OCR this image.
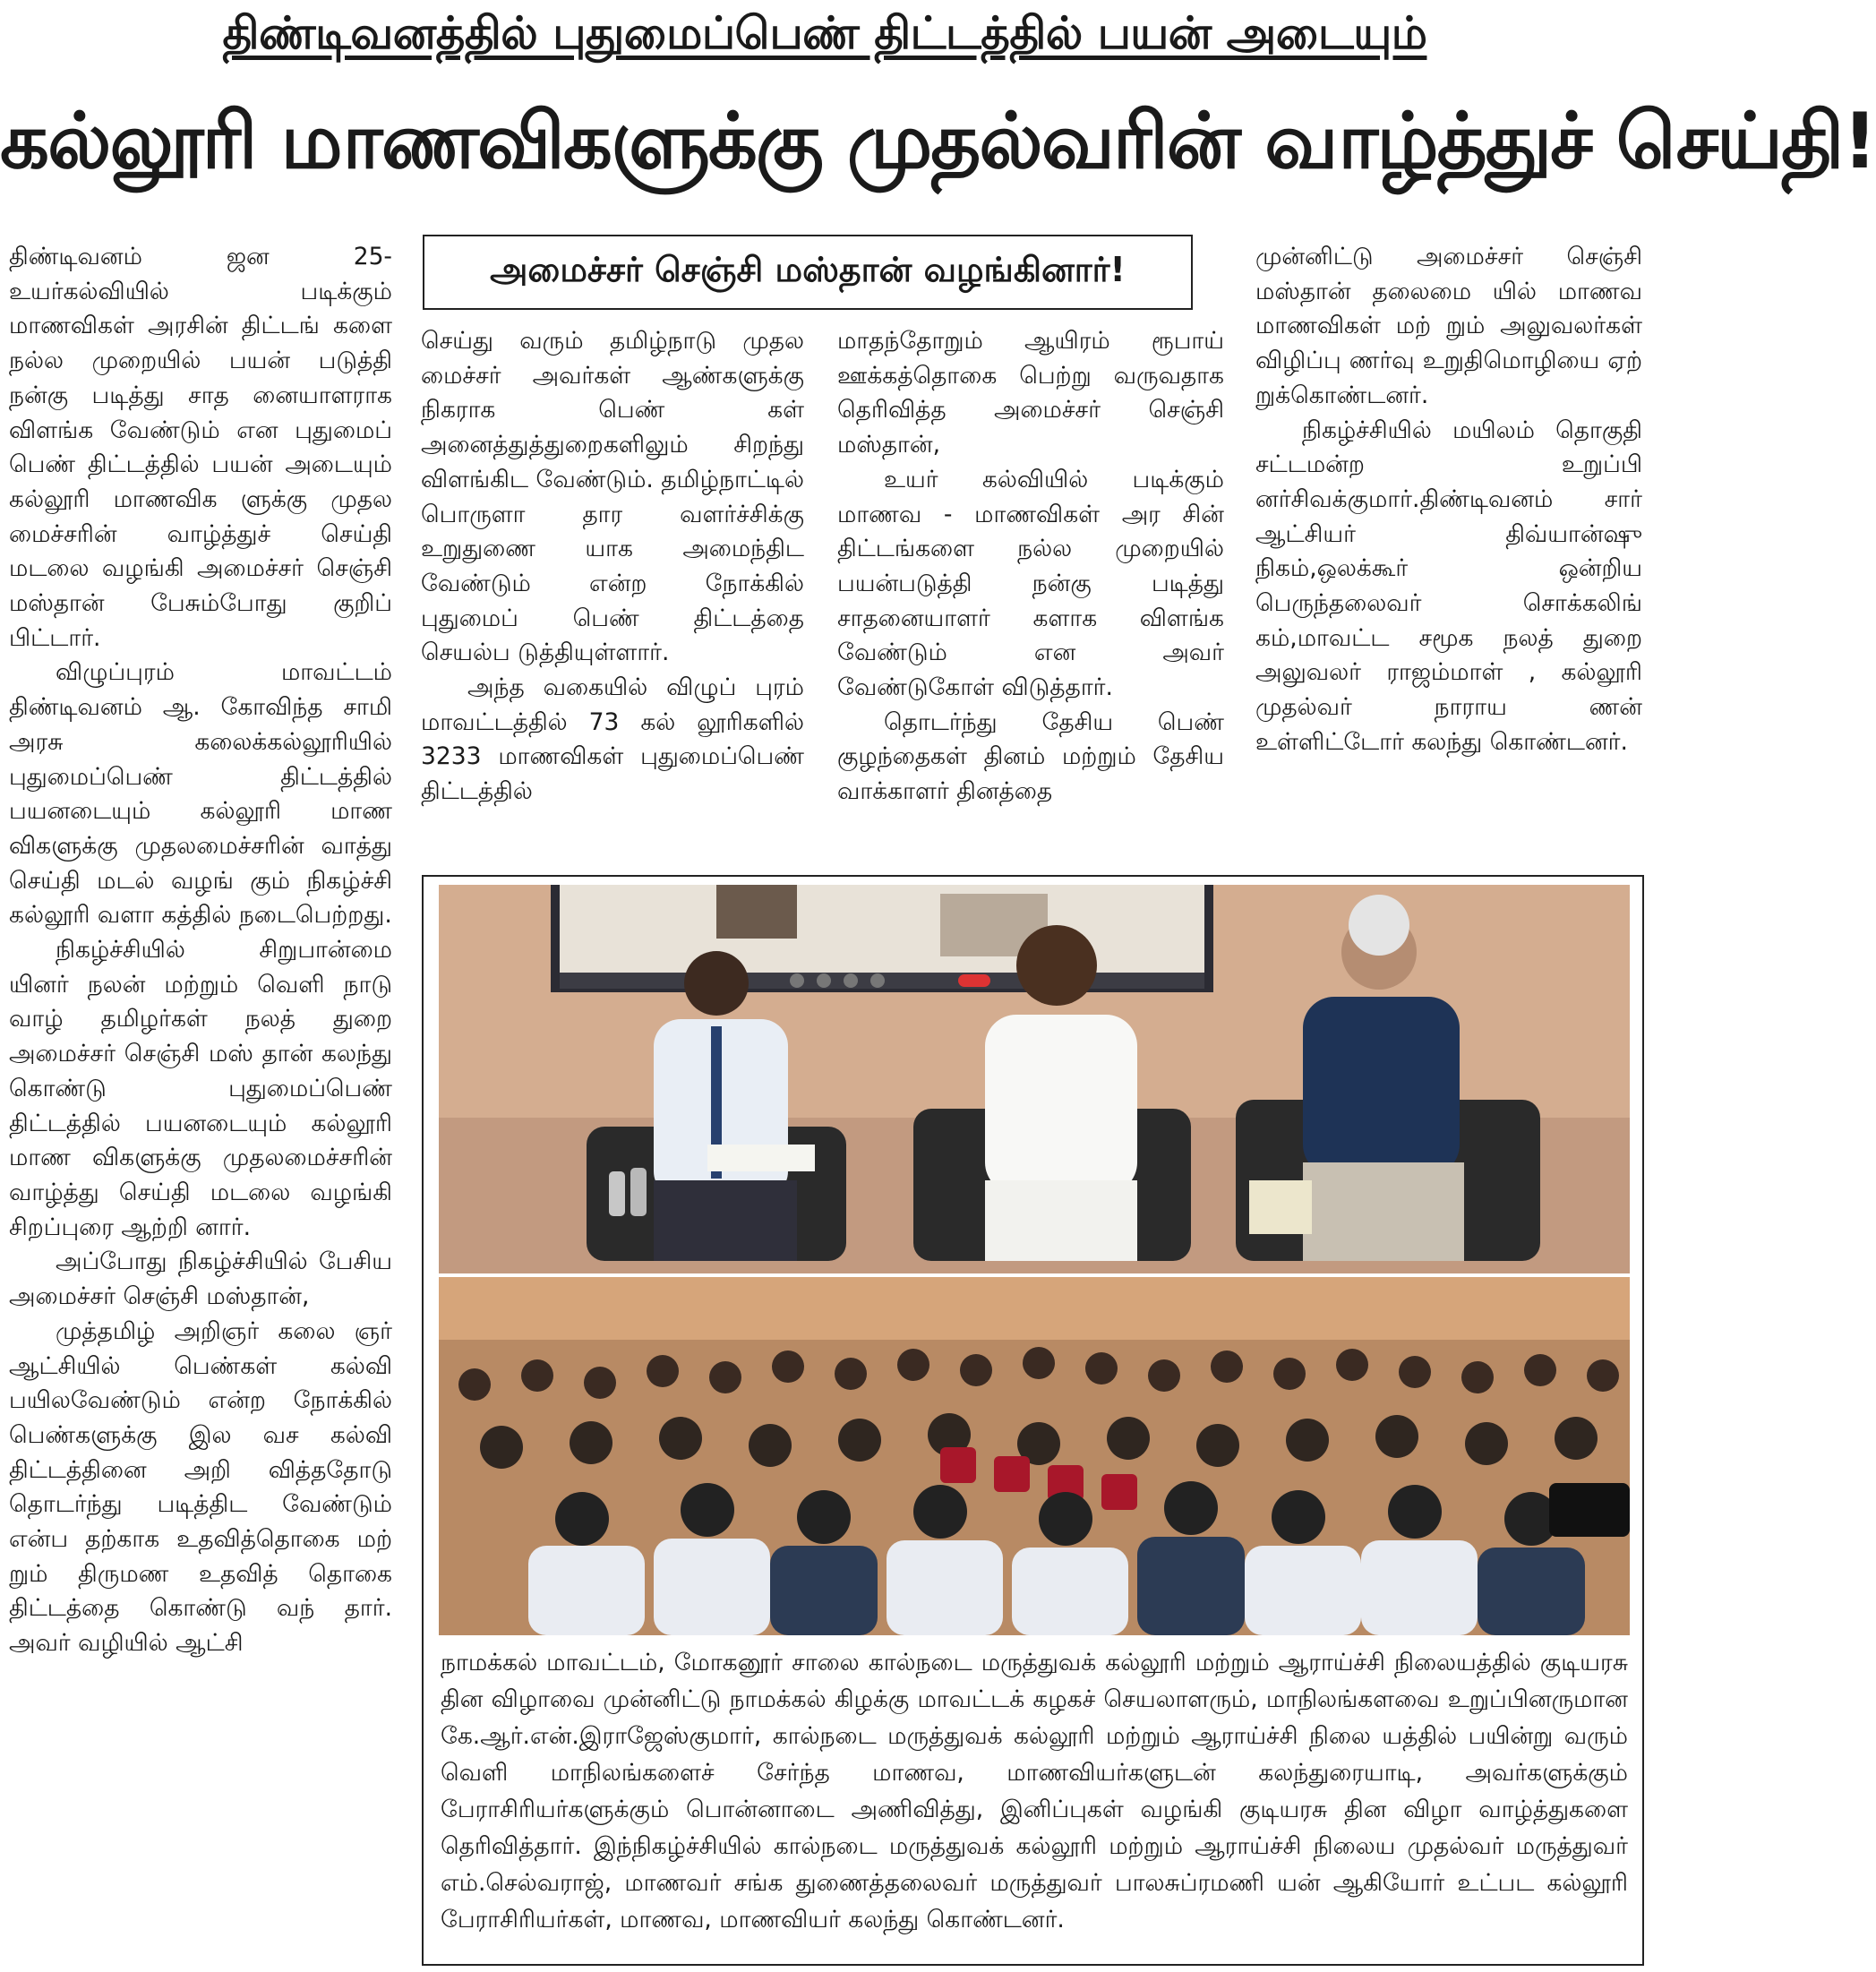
திண்டிவனத்தில் புதுமைப்பெண் திட்டத்தில் பயன் அடையும்
கல்லூரி மாணவிகளுக்கு முதல்வரின் வாழ்த்துச் செய்தி!

திண்டிவனம் ஜன 25- உயர்கல்வியில் படிக்கும் மாணவிகள் அரசின் திட்டங் களை நல்ல முறையில் பயன் படுத்தி நன்கு படித்து சாத னையாளராக விளங்க வேண்டும் என புதுமைப் பெண் திட்டத்தில் பயன் அடையும் கல்லூரி மாணவிக ளுக்கு முதல மைச்சரின் வாழ்த்துச் செய்தி மடலை வழங்கி அமைச்சர் செஞ்சி மஸ்தான் பேசும்போது குறிப் பிட்டார்.

விழுப்புரம் மாவட்டம் திண்டிவனம் ஆ. கோவிந்த சாமி அரசு கலைக்கல்லூரியில் புதுமைப்பெண் திட்டத்தில் பயனடையும் கல்லூரி மாண விகளுக்கு முதலமைச்சரின் வாத்து செய்தி மடல் வழங் கும் நிகழ்ச்சி கல்லூரி வளா கத்தில் நடைபெற்றது.

நிகழ்ச்சியில் சிறுபான்மை யினர் நலன் மற்றும் வெளி நாடு வாழ் தமிழர்கள் நலத் துறை அமைச்சர் செஞ்சி மஸ் தான் கலந்து கொண்டு புதுமைப்பெண் திட்டத்தில் பயனடையும் கல்லூரி மாண விகளுக்கு முதலமைச்சரின் வாழ்த்து செய்தி மடலை வழங்கி சிறப்புரை ஆற்றி னார்.

அப்போது நிகழ்ச்சியில் பேசிய அமைச்சர் செஞ்சி மஸ்தான்,

முத்தமிழ் அறிஞர் கலை ஞர் ஆட்சியில் பெண்கள் கல்வி பயிலவேண்டும் என்ற நோக்கில் பெண்களுக்கு இல வச கல்வி திட்டத்தினை அறி வித்ததோடு தொடர்ந்து படித்திட வேண்டும் என்ப தற்காக உதவித்தொகை மற் றும் திருமண உதவித் தொகை திட்டத்தை கொண்டு வந் தார். அவர் வழியில் ஆட்சி

அமைச்சர் செஞ்சி மஸ்தான் வழங்கினார்!

செய்து வரும் தமிழ்நாடு முதல மைச்சர் அவர்கள் ஆண்களுக்கு நிகராக பெண் கள் அனைத்துத்துறைகளிலும் சிறந்து விளங்கிட வேண்டும். தமிழ்நாட்டில் பொருளா தார வளர்ச்சிக்கு உறுதுணை யாக அமைந்திட வேண்டும் என்ற நோக்கில் புதுமைப் பெண் திட்டத்தை செயல்ப டுத்தியுள்ளார்.

அந்த வகையில் விழுப் புரம் மாவட்டத்தில் 73 கல் லூரிகளில் 3233 மாணவிகள் புதுமைப்பெண் திட்டத்தில்

மாதந்தோறும் ஆயிரம் ரூபாய் ஊக்கத்தொகை பெற்று வருவதாக தெரிவித்த அமைச்சர் செஞ்சி மஸ்தான்,

உயர் கல்வியில் படிக்கும் மாணவ - மாணவிகள் அர சின் திட்டங்களை நல்ல முறையில் பயன்படுத்தி நன்கு படித்து சாதனையாளர் களாக விளங்க வேண்டும் என அவர் வேண்டுகோள் விடுத்தார்.

தொடர்ந்து தேசிய பெண் குழந்தைகள் தினம் மற்றும் தேசிய வாக்காளர் தினத்தை

முன்னிட்டு அமைச்சர் செஞ்சி மஸ்தான் தலைமை யில் மாணவ மாணவிகள் மற் றும் அலுவலர்கள் விழிப்பு ணர்வு உறுதிமொழியை ஏற் றுக்கொண்டனர்.

நிகழ்ச்சியில் மயிலம் தொகுதி சட்டமன்ற உறுப்பி னர்சிவக்குமார்.திண்டிவனம் சார் ஆட்சியர் திவ்யான்ஷு நிகம்,ஒலக்கூர் ஒன்றிய பெருந்தலைவர் சொக்கலிங் கம்,மாவட்ட சமூக நலத் துறை அலுவலர் ராஜம்மாள் , கல்லூரி முதல்வர் நாராய ணன் உள்ளிட்டோர் கலந்து கொண்டனர்.

நாமக்கல் மாவட்டம், மோகனூர் சாலை கால்நடை மருத்துவக் கல்லூரி மற்றும் ஆராய்ச்சி நிலையத்தில் குடியரசு தின விழாவை முன்னிட்டு நாமக்கல் கிழக்கு மாவட்டக் கழகச் செயலாளரும், மாநிலங்களவை உறுப்பினருமான கே.ஆர்.என்.இராஜேஸ்குமார், கால்நடை மருத்துவக் கல்லூரி மற்றும் ஆராய்ச்சி நிலை யத்தில் பயின்று வரும் வெளி மாநிலங்களைச் சேர்ந்த மாணவ, மாணவியர்களுடன் கலந்துரையாடி, அவர்களுக்கும் பேராசிரியர்களுக்கும் பொன்னாடை அணிவித்து, இனிப்புகள் வழங்கி குடியரசு தின விழா வாழ்த்துகளை தெரிவித்தார். இந்நிகழ்ச்சியில் கால்நடை மருத்துவக் கல்லூரி மற்றும் ஆராய்ச்சி நிலைய முதல்வர் மருத்துவர் எம்.செல்வராஜ், மாணவர் சங்க துணைத்தலைவர் மருத்துவர் பாலசுப்ரமணி யன் ஆகியோர் உட்பட கல்லூரி பேராசிரியர்கள், மாணவ, மாணவியர் கலந்து கொண்டனர்.
